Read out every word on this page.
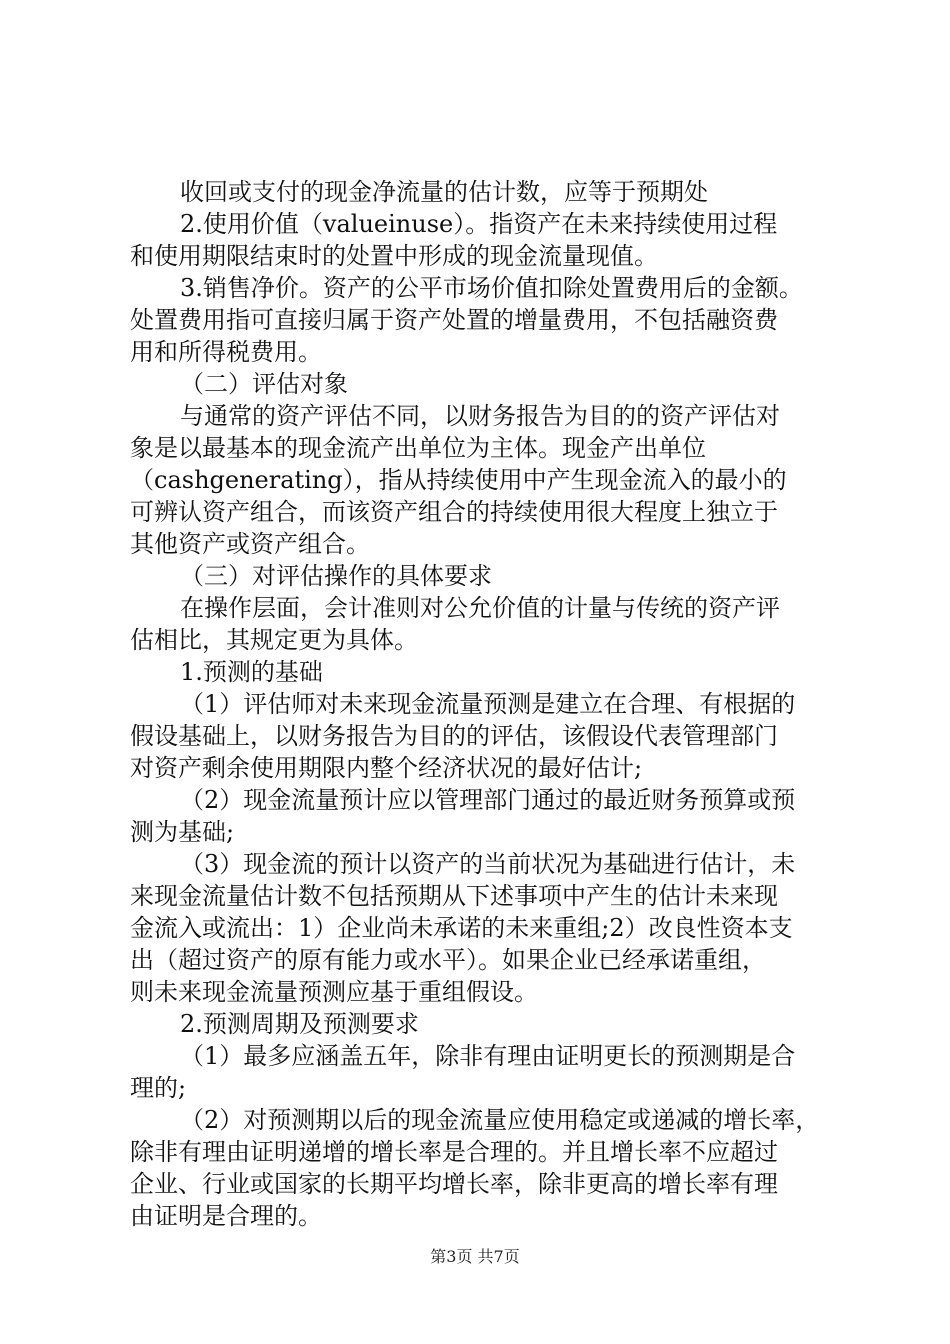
收回或支付的现金净流量的估计数，应等于预期处
2.使用价值（valueinuse）。指资产在未来持续使用过程
和使用期限结束时的处置中形成的现金流量现值。
3.销售净价。资产的公平市场价值扣除处置费用后的金额。
处置费用指可直接归属于资产处置的增量费用，不包括融资费
用和所得税费用。
（二）评估对象
与通常的资产评估不同，以财务报告为目的的资产评估对
象是以最基本的现金流产出单位为主体。现金产出单位
（cashgenerating），指从持续使用中产生现金流入的最小的
可辨认资产组合，而该资产组合的持续使用很大程度上独立于
其他资产或资产组合。
（三）对评估操作的具体要求
在操作层面，会计准则对公允价值的计量与传统的资产评
估相比，其规定更为具体。
1.预测的基础
（1）评估师对未来现金流量预测是建立在合理、有根据的
假设基础上，以财务报告为目的的评估，该假设代表管理部门
对资产剩余使用期限内整个经济状况的最好估计;
（2）现金流量预计应以管理部门通过的最近财务预算或预
测为基础;
（3）现金流的预计以资产的当前状况为基础进行估计，未
来现金流量估计数不包括预期从下述事项中产生的估计未来现
金流入或流出：1）企业尚未承诺的未来重组;2）改良性资本支
出（超过资产的原有能力或水平）。如果企业已经承诺重组，
则未来现金流量预测应基于重组假设。
2.预测周期及预测要求
（1）最多应涵盖五年，除非有理由证明更长的预测期是合
理的;
（2）对预测期以后的现金流量应使用稳定或递减的增长率，
除非有理由证明递增的增长率是合理的。并且增长率不应超过
企业、行业或国家的长期平均增长率，除非更高的增长率有理
由证明是合理的。
第3页 共7页
